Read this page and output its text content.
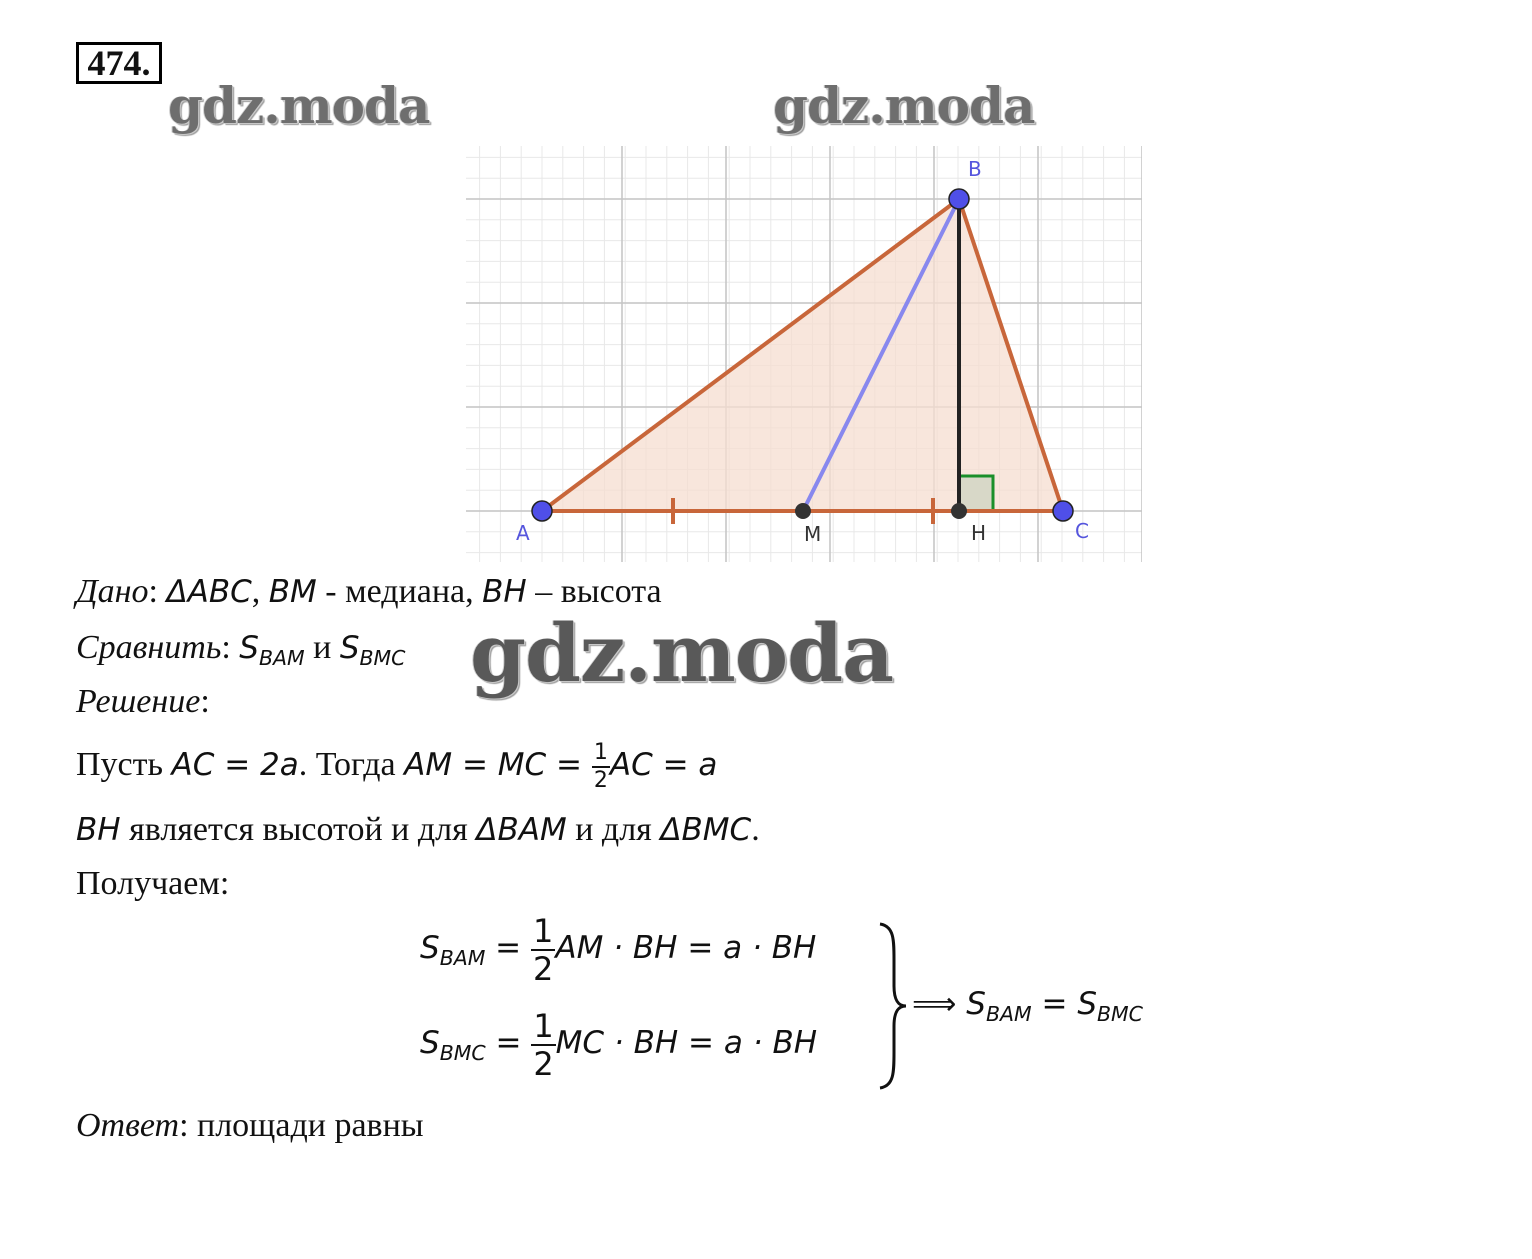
474.
gdz.moda	gdz.moda
A
B
C
M	H
Дано: ΔABC, BM - медиана, BH – высота
Сравнить: $S_{BAM}$ и $S_{BMC}$ gdz.moda
Решение:
Пусть AC = 2a. Тогда AM = MC = $\frac{1}{2}$ AC = a
BH является высотой и для ΔBAM и для ΔBMC.
Получаем:
$S_{BAM} = \frac{1}{2}$ AM · BH = a · BH
$S_{BMC} = \frac{1}{2}$ MC · BH = a · BH
⟹ $S_{BAM} = S_{BMC}$
Ответ: площади равны
